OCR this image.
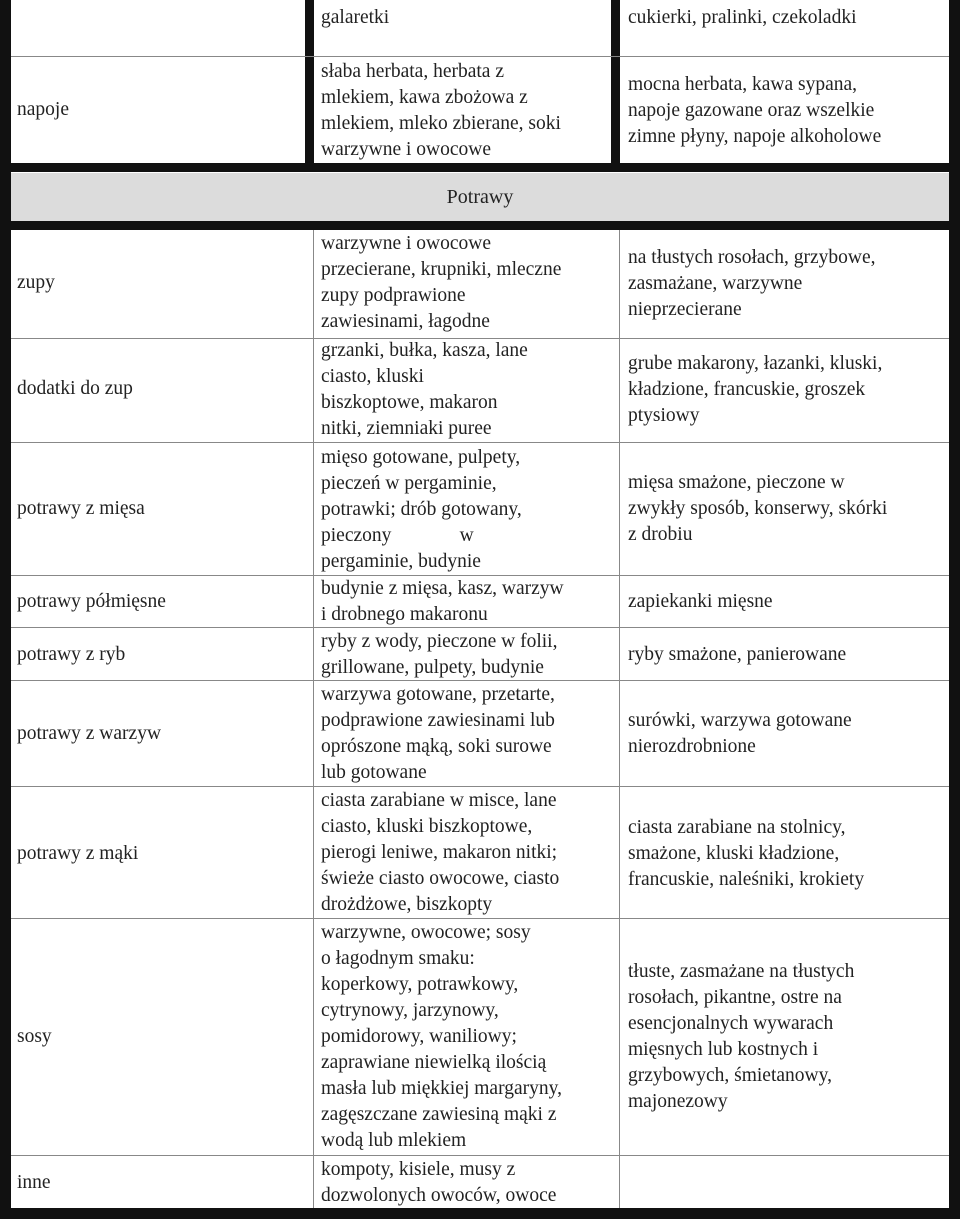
Potrawy
napoje
galaretki	cukierki, pralinki, czekoladki
słaba herbata, herbata z
mlekiem, kawa zbożowa z
mlekiem, mleko zbierane, soki
warzywne i owocowe
mocna herbata, kawa sypana,
napoje gazowane oraz wszelkie
zimne płyny, napoje alkoholowe
zupy
warzywne i owocowe
przecierane, krupniki, mleczne
zupy podprawione
zawiesinami, łagodne
na tłustych rosołach, grzybowe,
zasmażane, warzywne
nieprzecierane
dodatki do zup
grzanki, bułka, kasza, lane
ciasto, kluski
biszkoptowe, makaron
nitki, ziemniaki puree
grube makarony, łazanki, kluski,
kładzione, francuskie, groszek
ptysiowy
potrawy z mięsa
mięso gotowane, pulpety,
pieczeń w pergaminie,
potrawki; drób gotowany,
pieczony              w
pergaminie, budynie
mięsa smażone, pieczone w
zwykły sposób, konserwy, skórki
z drobiu
potrawy półmięsne
budynie z mięsa, kasz, warzyw
i drobnego makaronu
zapiekanki mięsne
potrawy z ryb
ryby z wody, pieczone w folii,
grillowane, pulpety, budynie
ryby smażone, panierowane
potrawy z warzyw
warzywa gotowane, przetarte,
podprawione zawiesinami lub
oprószone mąką, soki surowe
lub gotowane
surówki, warzywa gotowane
nierozdrobnione
potrawy z mąki
ciasta zarabiane w misce, lane
ciasto, kluski biszkoptowe,
pierogi leniwe, makaron nitki;
świeże ciasto owocowe, ciasto
drożdżowe, biszkopty
ciasta zarabiane na stolnicy,
smażone, kluski kładzione,
francuskie, naleśniki, krokiety
sosy
warzywne, owocowe; sosy
o łagodnym smaku:
koperkowy, potrawkowy,
cytrynowy, jarzynowy,
pomidorowy, waniliowy;
zaprawiane niewielką ilością
masła lub miękkiej margaryny,
zagęszczane zawiesiną mąki z
wodą lub mlekiem
tłuste, zasmażane na tłustych
rosołach, pikantne, ostre na
esencjonalnych wywarach
mięsnych lub kostnych i
grzybowych, śmietanowy,
majonezowy
inne
kompoty, kisiele, musy z
dozwolonych owoców, owoce
